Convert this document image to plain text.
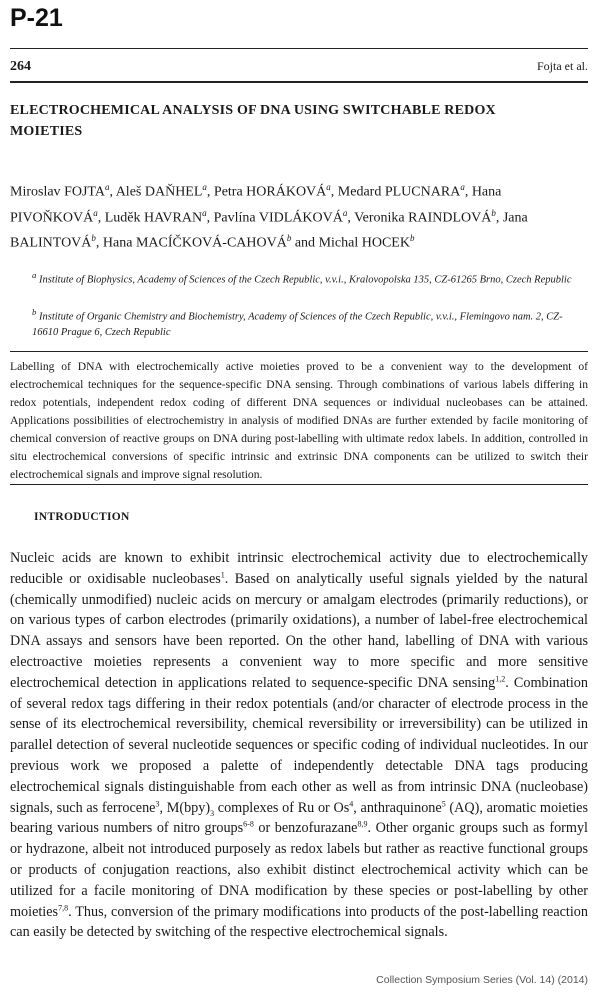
P-21
264	Fojta et al.
ELECTROCHEMICAL ANALYSIS OF DNA USING SWITCHABLE REDOX MOIETIES

Miroslav FOJTA$^a$, Aleš DAŇHEL$^a$, Petra HORÁKOVÁ$^a$, Medard PLUCNARA$^a$, Hana PIVOŇKOVÁ$^a$, Luděk HAVRAN$^a$, Pavlína VIDLÁKOVÁ$^a$, Veronika RAINDLOVÁ$^b$, Jana BALINTOVÁ$^b$, Hana MACÍČKOVÁ-CAHOVÁ$^b$ and Michal HOCEK$^b$

$^a$ Institute of Biophysics, Academy of Sciences of the Czech Republic, v.v.i., Kralovopolska 135, CZ-61265 Brno, Czech Republic

$^b$ Institute of Organic Chemistry and Biochemistry, Academy of Sciences of the Czech Republic, v.v.i., Flemingovo nam. 2, CZ-16610 Prague 6, Czech Republic

Labelling of DNA with electrochemically active moieties proved to be a convenient way to the development of electrochemical techniques for the sequence-specific DNA sensing. Through combinations of various labels differing in redox potentials, independent redox coding of different DNA sequences or individual nucleobases can be attained. Applications possibilities of electrochemistry in analysis of modified DNAs are further extended by facile monitoring of chemical conversion of reactive groups on DNA during post-labelling with ultimate redox labels. In addition, controlled in situ electrochemical conversions of specific intrinsic and extrinsic DNA components can be utilized to switch their electrochemical signals and improve signal resolution.

INTRODUCTION

Nucleic acids are known to exhibit intrinsic electrochemical activity due to electrochemically reducible or oxidisable nucleobases$^1$. Based on analytically useful signals yielded by the natural (chemically unmodified) nucleic acids on mercury or amalgam electrodes (primarily reductions), or on various types of carbon electrodes (primarily oxidations), a number of label-free electrochemical DNA assays and sensors have been reported. On the other hand, labelling of DNA with various electroactive moieties represents a convenient way to more specific and more sensitive electrochemical detection in applications related to sequence-specific DNA sensing$^{1,2}$. Combination of several redox tags differing in their redox potentials (and/or character of electrode process in the sense of its electrochemical reversibility, chemical reversibility or irreversibility) can be utilized in parallel detection of several nucleotide sequences or specific coding of individual nucleotides. In our previous work we proposed a palette of independently detectable DNA tags producing electrochemical signals distinguishable from each other as well as from intrinsic DNA (nucleobase) signals, such as ferrocene$^3$, $M(bpy)_3$ complexes of Ru or Os$^4$, anthraquinone$^5$ (AQ), aromatic moieties bearing various numbers of nitro groups$^{6-8}$ or benzofurazane$^{8,9}$. Other organic groups such as formyl or hydrazone, albeit not introduced purposely as redox labels but rather as reactive functional groups or products of conjugation reactions, also exhibit distinct electrochemical activity which can be utilized for a facile monitoring of DNA modification by these species or post-labelling by other moieties$^{7,8}$. Thus, conversion of the primary modifications into products of the post-labelling reaction can easily be detected by switching of the respective electrochemical signals.

Collection Symposium Series (Vol. 14) (2014)
